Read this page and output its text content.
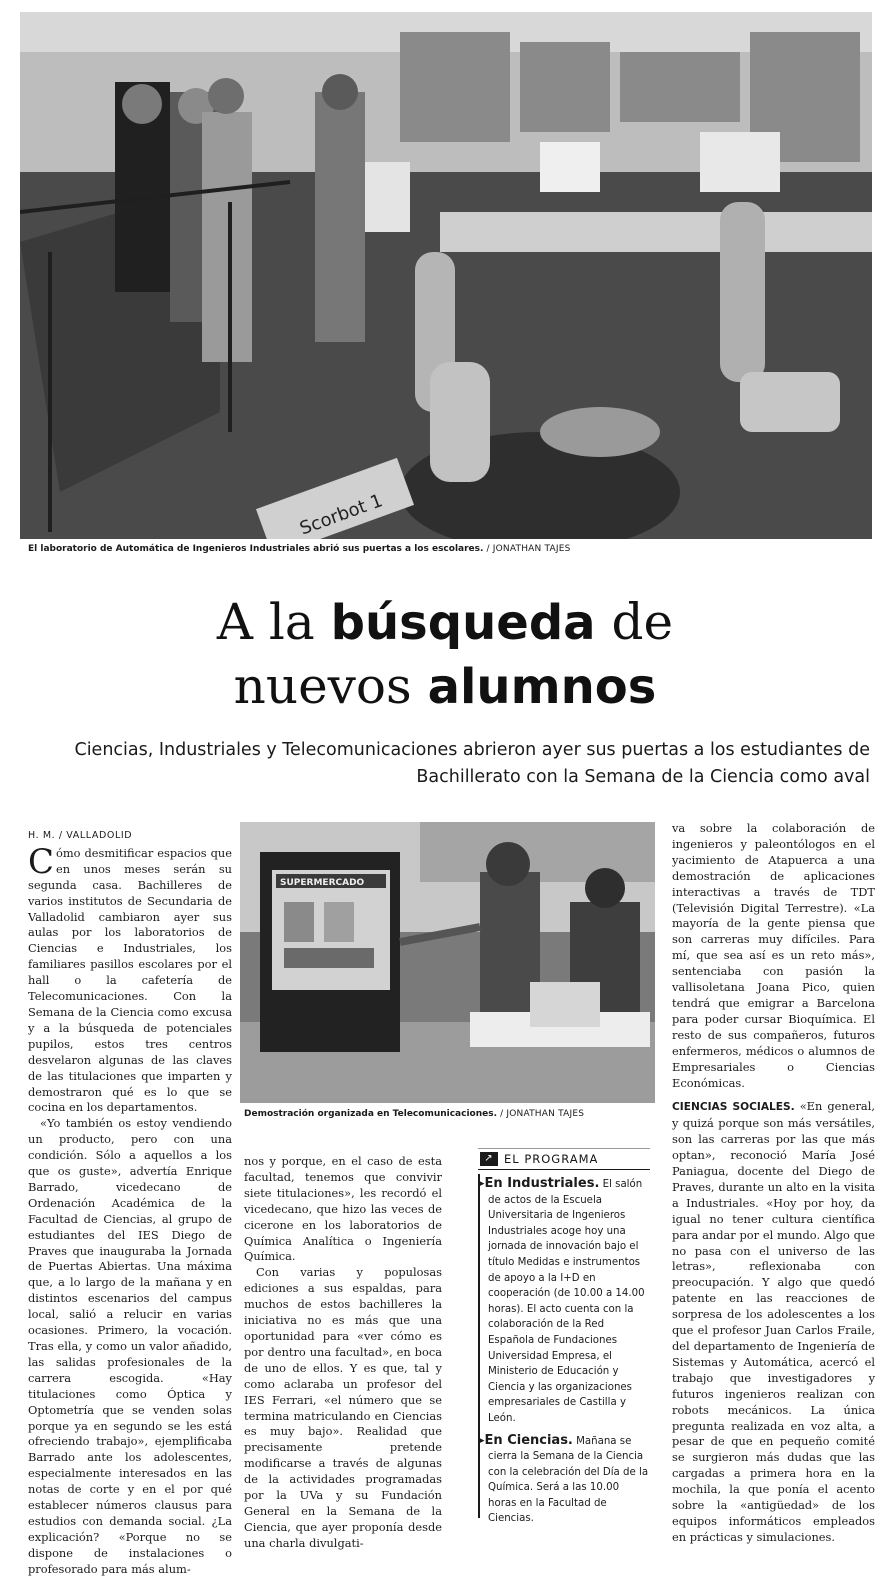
Scorbot 1
El laboratorio de Automática de Ingenieros Industriales abrió sus puertas a los escolares. / JONATHAN TAJES
A la búsqueda de
nuevos alumnos
Ciencias, Industriales y Telecomunicaciones abrieron ayer sus puertas a los estudiantes de Bachillerato con la Semana de la Ciencia como aval
H. M. / VALLADOLID

Cómo desmitificar espacios que en unos meses serán su segunda casa. Bachilleres de varios institutos de Secundaria de Valladolid cambiaron ayer sus aulas por los laboratorios de Ciencias e Industriales, los familiares pasillos escolares por el hall o la cafetería de Telecomunicaciones. Con la Semana de la Ciencia como excusa y a la búsqueda de potenciales pupilos, estos tres centros desvelaron algunas de las claves de las titulaciones que imparten y demostraron qué es lo que se cocina en los departamentos.

«Yo también os estoy vendiendo un producto, pero con una condición. Sólo a aquellos a los que os guste», advertía Enrique Barrado, vicedecano de Ordenación Académica de la Facultad de Ciencias, al grupo de estudiantes del IES Diego de Praves que inauguraba la Jornada de Puertas Abiertas. Una máxima que, a lo largo de la mañana y en distintos escenarios del campus local, salió a relucir en varias ocasiones. Primero, la vocación. Tras ella, y como un valor añadido, las salidas profesionales de la carrera escogida. «Hay titulaciones como Óptica y Optometría que se venden solas porque ya en segundo se les está ofreciendo trabajo», ejemplificaba Barrado ante los adolescentes, especialmente interesados en las notas de corte y en el por qué establecer números clausus para estudios con demanda social. ¿La explicación? «Porque no se dispone de instalaciones o profesorado para más alum-

SUPERMERCADO
Demostración organizada en Telecomunicaciones. / JONATHAN TAJES

nos y porque, en el caso de esta facultad, tenemos que convivir siete titulaciones», les recordó el vicedecano, que hizo las veces de cicerone en los laboratorios de Química Analítica o Ingeniería Química.

Con varias y populosas ediciones a sus espaldas, para muchos de estos bachilleres la iniciativa no es más que una oportunidad para «ver cómo es por dentro una facultad», en boca de uno de ellos. Y es que, tal y como aclaraba un profesor del IES Ferrari, «el número que se termina matriculando en Ciencias es muy bajo». Realidad que precisamente pretende modificarse a través de algunas de la actividades programadas por la UVa y su Fundación General en la Semana de la Ciencia, que ayer proponía desde una charla divulgati-

↗ EL PROGRAMA
▸En Industriales. El salón de actos de la Escuela Universitaria de Ingenieros Industriales acoge hoy una jornada de innovación bajo el título Medidas e instrumentos de apoyo a la I+D en cooperación (de 10.00 a 14.00 horas). El acto cuenta con la colaboración de la Red Española de Fundaciones Universidad Empresa, el Ministerio de Educación y Ciencia y las organizaciones empresariales de Castilla y León.
▸En Ciencias. Mañana se cierra la Semana de la Ciencia con la celebración del Día de la Química. Será a las 10.00 horas en la Facultad de Ciencias.

va sobre la colaboración de ingenieros y paleontólogos en el yacimiento de Atapuerca a una demostración de aplicaciones interactivas a través de TDT (Televisión Digital Terrestre). «La mayoría de la gente piensa que son carreras muy difíciles. Para mí, que sea así es un reto más», sentenciaba con pasión la vallisoletana Joana Pico, quien tendrá que emigrar a Barcelona para poder cursar Bioquímica. El resto de sus compañeros, futuros enfermeros, médicos o alumnos de Empresariales o Ciencias Económicas.

CIENCIAS SOCIALES. «En general, y quizá porque son más versátiles, son las carreras por las que más optan», reconoció María José Paniagua, docente del Diego de Praves, durante un alto en la visita a Industriales. «Hoy por hoy, da igual no tener cultura científica para andar por el mundo. Algo que no pasa con el universo de las letras», reflexionaba con preocupación. Y algo que quedó patente en las reacciones de sorpresa de los adolescentes a los que el profesor Juan Carlos Fraile, del departamento de Ingeniería de Sistemas y Automática, acercó el trabajo que investigadores y futuros ingenieros realizan con robots mecánicos. La única pregunta realizada en voz alta, a pesar de que en pequeño comité se surgieron más dudas que las cargadas a primera hora en la mochila, la que ponía el acento sobre la «antigüedad» de los equipos informáticos empleados en prácticas y simulaciones.
